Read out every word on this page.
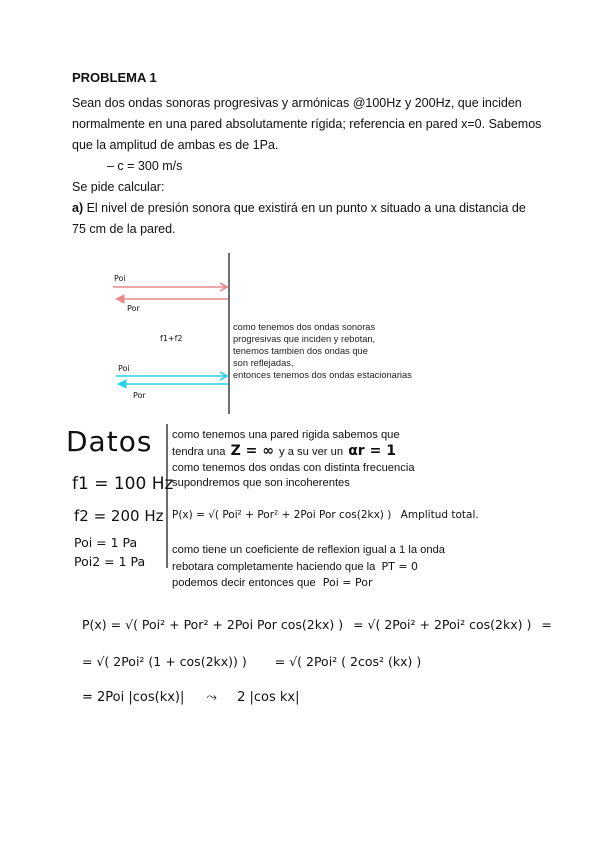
PROBLEMA 1
Sean dos ondas sonoras progresivas y armónicas @100Hz y 200Hz, que inciden
normalmente en una pared absolutamente rígida; referencia en pared x=0. Sabemos
que la amplitud de ambas es de 1Pa.
– c = 300 m/s
Se pide calcular:
a) El nivel de presión sonora que existirá en un punto x situado a una distancia de
75 cm de la pared.
Poi
Por
f1+f2
Poi
Por
como tenemos dos ondas sonoras
progresivas que inciden y rebotan,
tenemos tambien dos ondas que
son reflejadas,
entonces tenemos dos ondas estacionarias
Datos
f1 = 100 Hz
f2 = 200 Hz
Poi = 1 Pa
Poi2 = 1 Pa
como tenemos una pared rigida sabemos que
tendra una Z = ∞ y a su ver un αr = 1
como tenemos dos ondas con distinta frecuencia
supondremos que son incoherentes
P(x) = √( Poi² + Por² + 2Poi Por cos(2kx) ) Amplitud total.
como tiene un coeficiente de reflexion igual a 1 la onda
rebotara completamente haciendo que la PT = 0
podemos decir entonces que Poi = Por
P(x) = √( Poi² + Por² + 2Poi Por cos(2kx) ) = √( 2Poi² + 2Poi² cos(2kx) ) =
= √( 2Poi² (1 + cos(2kx)) ) = √( 2Poi² ( 2cos² (kx) )
= 2Poi |cos(kx)| ⤳ 2 |cos kx|
